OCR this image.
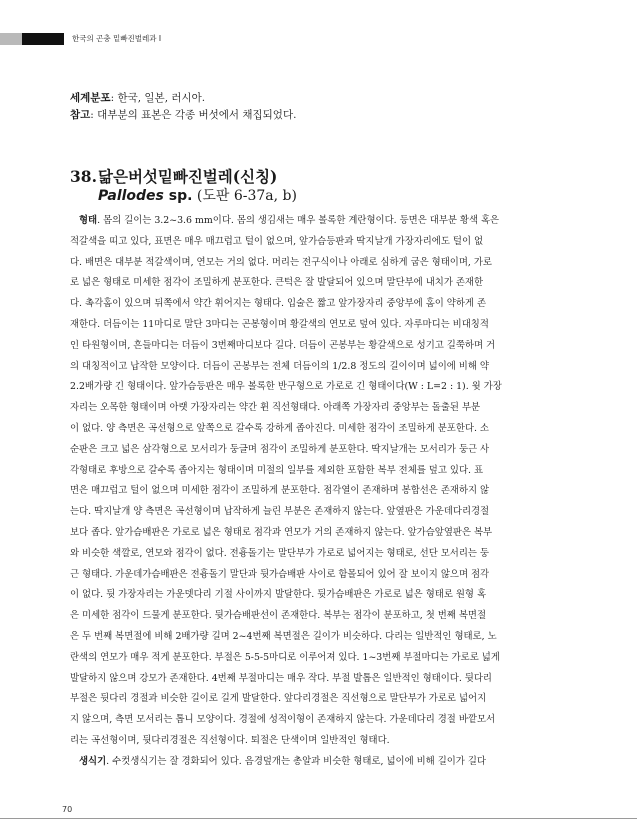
한국의 곤충 밑빠진벌레과 I

세계분포: 한국, 일본, 러시아.

참고: 대부분의 표본은 각종 버섯에서 채집되었다.

38.닮은버섯밑빠진벌레(신칭)
Pallodes sp. (도판 6-37a, b)
형태. 몸의 길이는 3.2~3.6 mm이다. 몸의 생김새는 매우 볼록한 계란형이다. 등면은 대부분 황색 혹은
적갈색을 띠고 있다, 표면은 매우 매끄럽고 털이 없으며, 앞가슴등판과 딱지날개 가장자리에도 털이 없
다. 배면은 대부분 적갈색이며, 연모는 거의 없다. 머리는 전구식이나 아래로 심하게 굽은 형태이며, 가로
로 넓은 형태로 미세한 점각이 조밀하게 분포한다. 큰턱은 잘 발달되어 있으며 말단부에 내치가 존재한
다. 촉각홈이 있으며 뒤쪽에서 약간 휘어지는 형태다. 입술은 짧고 앞가장자리 중앙부에 홈이 약하게 존
재한다. 더듬이는 11마디로 말단 3마디는 곤봉형이며 황갈색의 연모로 덮여 있다. 자루마디는 비대칭적
인 타원형이며, 흔들마디는 더듬이 3번째마디보다 길다. 더듬이 곤봉부는 황갈색으로 성기고 길쭉하며 거
의 대칭적이고 납작한 모양이다. 더듬이 곤봉부는 전체 더듬이의 1/2.8 정도의 길이이며 넓이에 비해 약
2.2배가량 긴 형태이다. 앞가슴등판은 매우 볼록한 반구형으로 가로로 긴 형태이다(W : L=2 : 1). 윗 가장
자리는 오목한 형태이며 아랫 가장자리는 약간 휜 직선형태다. 아래쪽 가장자리 중앙부는 돌출된 부분
이 없다. 양 측면은 곡선형으로 앞쪽으로 갈수록 강하게 좁아진다. 미세한 점각이 조밀하게 분포한다. 소
순판은 크고 넓은 삼각형으로 모서리가 둥글며 점각이 조밀하게 분포한다. 딱지날개는 모서리가 둥근 사
각형태로 후방으로 갈수록 좁아지는 형태이며 미절의 일부를 제외한 포함한 복부 전체를 덮고 있다. 표
면은 매끄럽고 털이 없으며 미세한 점각이 조밀하게 분포한다. 점각열이 존재하며 봉합선은 존재하지 않
는다. 딱지날개 양 측면은 곡선형이며 납작하게 늘린 부분은 존재하지 않는다. 앞옆판은 가운데다리경절
보다 좁다. 앞가슴배판은 가로로 넓은 형태로 점각과 연모가 거의 존재하지 않는다. 앞가슴앞옆판은 복부
와 비슷한 색깔로, 연모와 점각이 없다. 전흉돌기는 말단부가 가로로 넓어지는 형태로, 선단 모서리는 둥
근 형태다. 가운데가슴배판은 전흉돌기 말단과 뒷가슴배판 사이로 함몰되어 있어 잘 보이지 않으며 점각
이 없다. 뒷 가장자리는 가운뎃다리 기절 사이까지 발달한다. 뒷가슴배판은 가로로 넓은 형태로 원형 혹
은 미세한 점각이 드물게 분포한다. 뒷가슴배판선이 존재한다. 복부는 점각이 분포하고, 첫 번째 복면절
은 두 번째 복면절에 비해 2배가량 길며 2~4번째 복면절은 길이가 비슷하다. 다리는 일반적인 형태로, 노
란색의 연모가 매우 적게 분포한다. 부절은 5-5-5마디로 이루어져 있다. 1~3번째 부절마디는 가로로 넓게
발달하지 않으며 강모가 존재한다. 4번째 부절마디는 매우 작다. 부절 발톱은 일반적인 형태이다. 뒷다리
부절은 뒷다리 경절과 비슷한 길이로 길게 발달한다. 앞다리경절은 직선형으로 말단부가 가로로 넓어지
지 않으며, 측면 모서리는 톱니 모양이다. 경절에 성적이형이 존재하지 않는다. 가운데다리 경절 바깥모서
리는 곡선형이며, 뒷다리경절은 직선형이다. 퇴절은 단색이며 일반적인 형태다.
생식기. 수컷생식기는 잘 경화되어 있다. 음경덮개는 총알과 비슷한 형태로, 넓이에 비해 길이가 길다
70
